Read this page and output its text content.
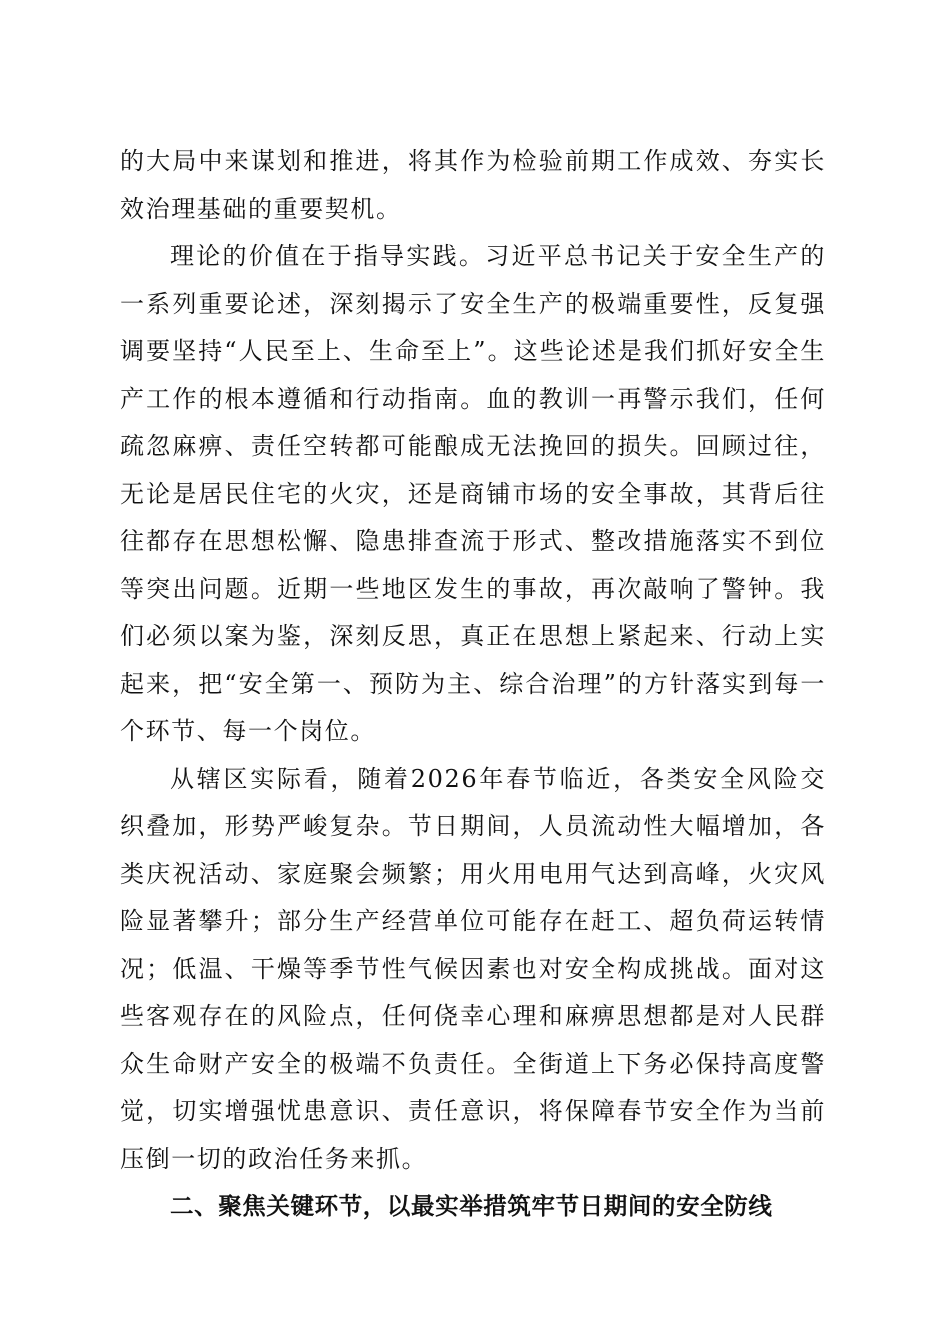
的大局中来谋划和推进，将其作为检验前期工作成效、夯实长效治理基础的重要契机。

理论的价值在于指导实践。习近平总书记关于安全生产的一系列重要论述，深刻揭示了安全生产的极端重要性，反复强调要坚持“人民至上、生命至上”。这些论述是我们抓好安全生产工作的根本遵循和行动指南。血的教训一再警示我们，任何疏忽麻痹、责任空转都可能酿成无法挽回的损失。回顾过往，无论是居民住宅的火灾，还是商铺市场的安全事故，其背后往往都存在思想松懈、隐患排查流于形式、整改措施落实不到位等突出问题。近期一些地区发生的事故，再次敲响了警钟。我们必须以案为鉴，深刻反思，真正在思想上紧起来、行动上实起来，把“安全第一、预防为主、综合治理”的方针落实到每一个环节、每一个岗位。

从辖区实际看，随着2026年春节临近，各类安全风险交织叠加，形势严峻复杂。节日期间，人员流动性大幅增加，各类庆祝活动、家庭聚会频繁；用火用电用气达到高峰，火灾风险显著攀升；部分生产经营单位可能存在赶工、超负荷运转情况；低温、干燥等季节性气候因素也对安全构成挑战。面对这些客观存在的风险点，任何侥幸心理和麻痹思想都是对人民群众生命财产安全的极端不负责任。全街道上下务必保持高度警觉，切实增强忧患意识、责任意识，将保障春节安全作为当前压倒一切的政治任务来抓。

二、聚焦关键环节，以最实举措筑牢节日期间的安全防线
